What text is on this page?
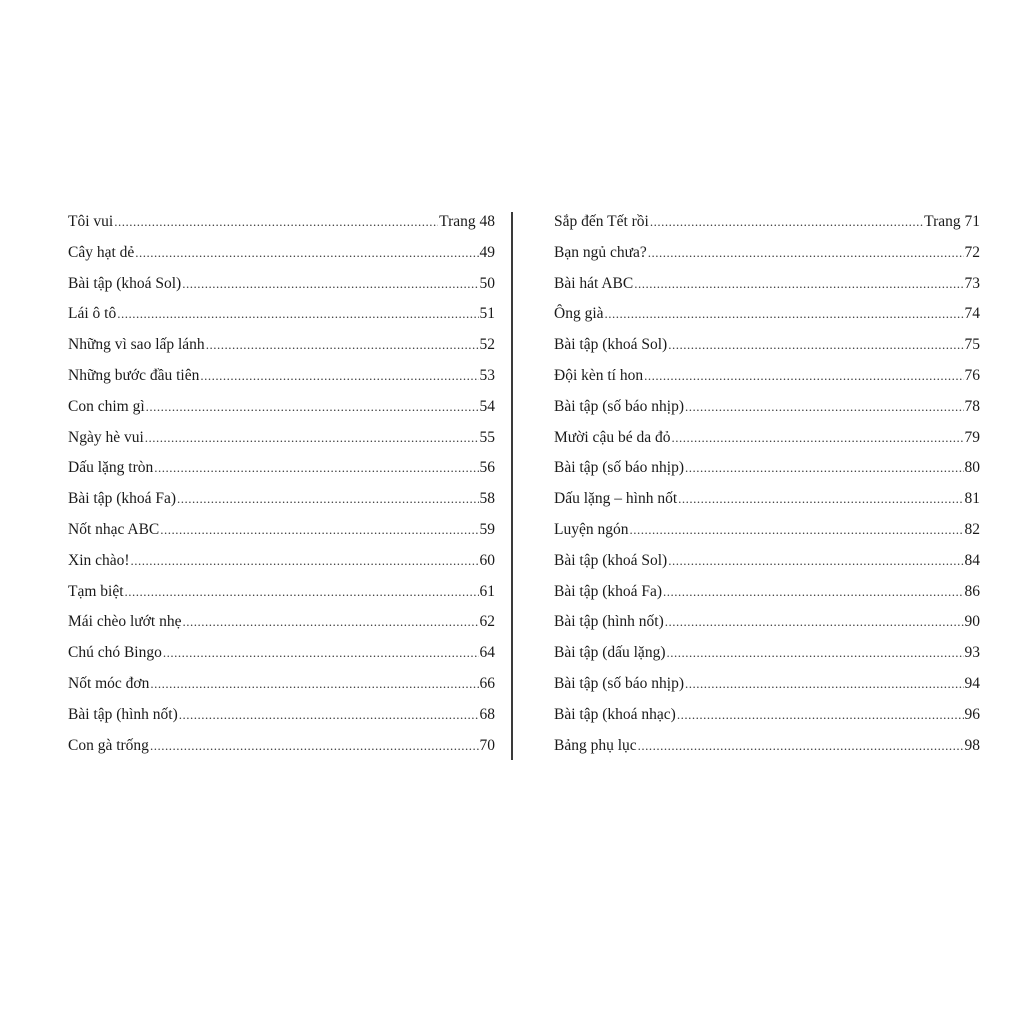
Tôi vui .....	Trang 48
Cây hạt dẻ .....	49
Bài tập (khoá Sol) .....	50
Lái ô tô .....	51
Những vì sao lấp lánh .....	52
Những bước đầu tiên .....	53
Con chim gì .....	54
Ngày hè vui .....	55
Dấu lặng tròn .....	56
Bài tập (khoá Fa) .....	58
Nốt nhạc ABC .....	59
Xin chào! .....	60
Tạm biệt .....	61
Mái chèo lướt nhẹ .....	62
Chú chó Bingo .....	64
Nốt móc đơn .....	66
Bài tập (hình nốt) .....	68
Con gà trống .....	70
Sắp đến Tết rồi .....	Trang 71
Bạn ngủ chưa? .....	72
Bài hát ABC .....	73
Ông già .....	74
Bài tập (khoá Sol) .....	75
Đội kèn tí hon .....	76
Bài tập (số báo nhịp) .....	78
Mười cậu bé da đỏ .....	79
Bài tập (số báo nhịp) .....	80
Dấu lặng – hình nốt .....	81
Luyện ngón .....	82
Bài tập (khoá Sol) .....	84
Bài tập (khoá Fa) .....	86
Bài tập (hình nốt) .....	90
Bài tập (dấu lặng) .....	93
Bài tập (số báo nhịp) .....	94
Bài tập (khoá nhạc) .....	96
Bảng phụ lục .....	98
